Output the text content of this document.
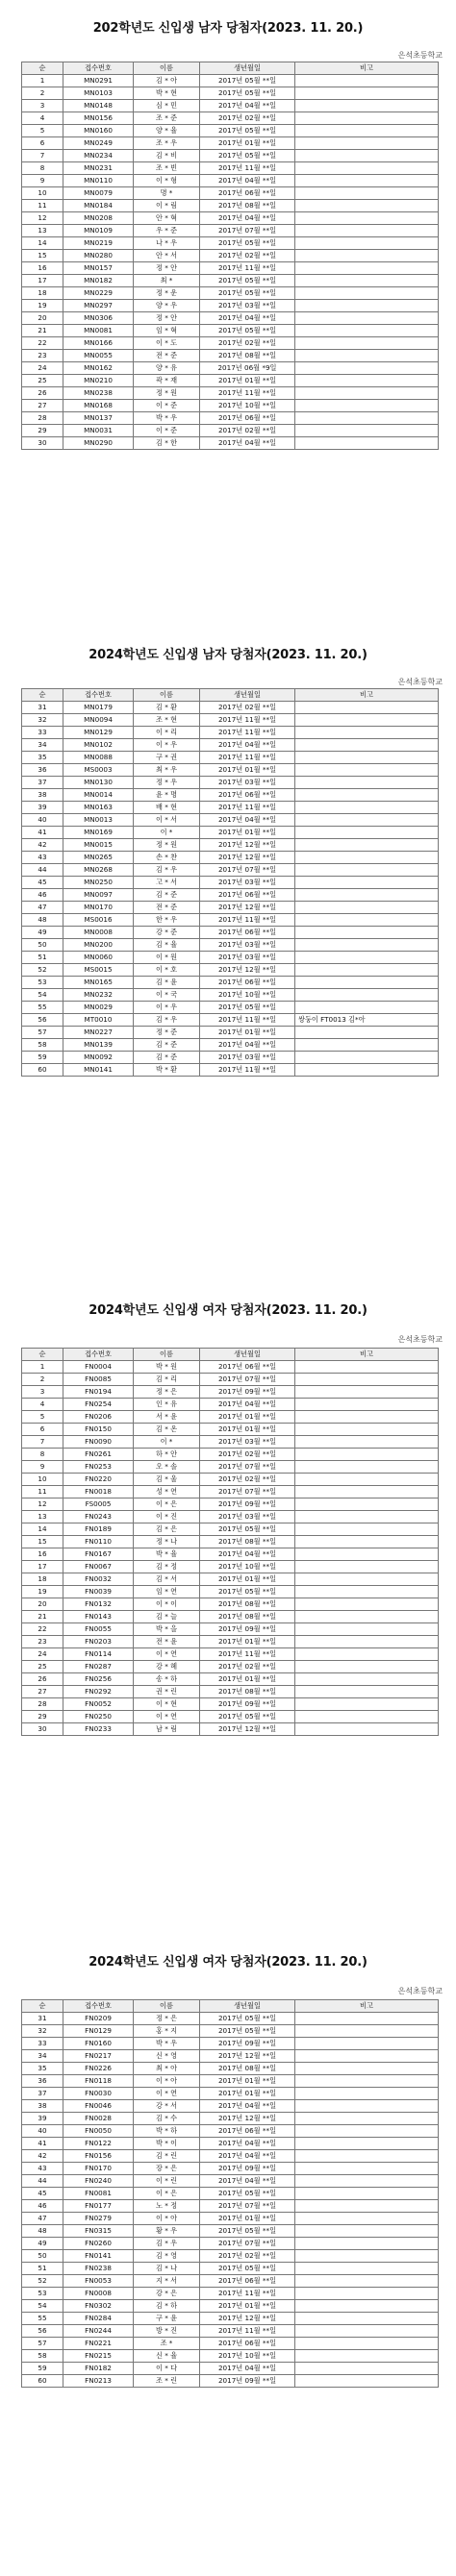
202학년도 신입생 남자 당첨자(2023. 11. 20.)
은석초등학교
순	접수번호	이름	생년월일	비고
1	MN0291	김 * 아	2017년 05월 **일	
2	MN0103	박 * 현	2017년 05월 **일	
3	MN0148	심 * 민	2017년 04월 **일	
4	MN0156	조 * 준	2017년 02월 **일	
5	MN0160	양 * 율	2017년 05월 **일	
6	MN0249	조 * 우	2017년 01월 **일	
7	MN0234	김 * 비	2017년 05월 **일	
8	MN0231	조 * 빈	2017년 11월 **일	
9	MN0110	이 * 형	2017년 04월 **일	
10	MN0079	명 *	2017년 06월 **일	
11	MN0184	이 * 림	2017년 08월 **일	
12	MN0208	안 * 혁	2017년 04월 **일	
13	MN0109	우 * 준	2017년 07월 **일	
14	MN0219	나 * 우	2017년 05월 **일	
15	MN0280	안 * 서	2017년 02월 **일	
16	MN0157	정 * 안	2017년 11월 **일	
17	MN0182	최 *	2017년 05월 **일	
18	MN0229	정 * 운	2017년 05월 **일	
19	MN0297	양 * 우	2017년 03월 **일	
20	MN0306	정 * 안	2017년 04월 **일	
21	MN0081	임 * 혁	2017년 05월 **일	
22	MN0166	이 * 도	2017년 02월 **일	
23	MN0055	전 * 준	2017년 08월 **일	
24	MN0162	양 * 유	2017년 06월 *9일	
25	MN0210	곽 * 재	2017년 01월 **일	
26	MN0238	정 * 원	2017년 11월 **일	
27	MN0168	이 * 준	2017년 10월 **일	
28	MN0137	박 * 우	2017년 06월 **일	
29	MN0031	이 * 준	2017년 02월 **일	
30	MN0290	김 * 한	2017년 04월 **일	
2024학년도 신입생 남자 당첨자(2023. 11. 20.)
은석초등학교
순	접수번호	이름	생년월일	비고
31	MN0179	김 * 환	2017년 02월 **일	
32	MN0094	조 * 현	2017년 11월 **일	
33	MN0129	이 * 리	2017년 11월 **일	
34	MN0102	이 * 우	2017년 04월 **일	
35	MN0088	구 * 권	2017년 11월 **일	
36	MS0003	최 * 우	2017년 01월 **일	
37	MN0130	정 * 우	2017년 03월 **일	
38	MN0014	윤 * 명	2017년 06월 **일	
39	MN0163	배 * 현	2017년 11월 **일	
40	MN0013	이 * 서	2017년 04월 **일	
41	MN0169	이 *	2017년 01월 **일	
42	MN0015	정 * 원	2017년 12월 **일	
43	MN0265	손 * 찬	2017년 12월 **일	
44	MN0268	김 * 우	2017년 07월 **일	
45	MN0250	고 * 서	2017년 03월 **일	
46	MN0097	김 * 준	2017년 06월 **일	
47	MN0170	전 * 준	2017년 12월 **일	
48	MS0016	한 * 우	2017년 11월 **일	
49	MN0008	강 * 준	2017년 06월 **일	
50	MN0200	김 * 율	2017년 03월 **일	
51	MN0060	이 * 원	2017년 03월 **일	
52	MS0015	이 * 호	2017년 12월 **일	
53	MN0165	김 * 윤	2017년 06월 **일	
54	MN0232	이 * 국	2017년 10월 **일	
55	MN0029	이 * 우	2017년 05월 **일	
56	MT0010	김 * 우	2017년 11월 **일	쌍둥이 FT0013 김*아
57	MN0227	정 * 준	2017년 01월 **일	
58	MN0139	김 * 준	2017년 04월 **일	
59	MN0092	김 * 준	2017년 03월 **일	
60	MN0141	박 * 환	2017년 11월 **일	
2024학년도 신입생 여자 당첨자(2023. 11. 20.)
은석초등학교
순	접수번호	이름	생년월일	비고
1	FN0004	박 * 원	2017년 06월 **일	
2	FN0085	김 * 리	2017년 07월 **일	
3	FN0194	정 * 은	2017년 09월 **일	
4	FN0254	인 * 유	2017년 04월 **일	
5	FN0206	서 * 윤	2017년 01월 **일	
6	FN0150	김 * 온	2017년 01월 **일	
7	FN0090	이 *	2017년 03월 **일	
8	FN0261	하 * 안	2017년 02월 **일	
9	FN0253	오 * 솔	2017년 07월 **일	
10	FN0220	김 * 울	2017년 02월 **일	
11	FN0018	성 * 연	2017년 07월 **일	
12	FS0005	이 * 은	2017년 09월 **일	
13	FN0243	이 * 진	2017년 03월 **일	
14	FN0189	김 * 은	2017년 05월 **일	
15	FN0110	정 * 나	2017년 08월 **일	
16	FN0167	박 * 율	2017년 04월 **일	
17	FN0067	김 * 정	2017년 10월 **일	
18	FN0032	김 * 서	2017년 01월 **일	
19	FN0039	임 * 연	2017년 05월 **일	
20	FN0132	이 * 이	2017년 08월 **일	
21	FN0143	김 * 늘	2017년 08월 **일	
22	FN0055	박 * 을	2017년 09월 **일	
23	FN0203	전 * 윤	2017년 01월 **일	
24	FN0114	이 * 연	2017년 11월 **일	
25	FN0287	강 * 혜	2017년 02월 **일	
26	FN0256	송 * 하	2017년 01월 **일	
27	FN0292	권 * 린	2017년 08월 **일	
28	FN0052	이 * 현	2017년 09월 **일	
29	FN0250	이 * 연	2017년 05월 **일	
30	FN0233	남 * 림	2017년 12월 **일	
2024학년도 신입생 여자 당첨자(2023. 11. 20.)
은석초등학교
순	접수번호	이름	생년월일	비고
31	FN0209	정 * 은	2017년 05월 **일	
32	FN0129	홍 * 지	2017년 05월 **일	
33	FN0160	박 * 우	2017년 09월 **일	
34	FN0217	신 * 영	2017년 12월 **일	
35	FN0226	최 * 아	2017년 08월 **일	
36	FN0118	이 * 아	2017년 01월 **일	
37	FN0030	이 * 연	2017년 01월 **일	
38	FN0046	강 * 서	2017년 04월 **일	
39	FN0028	김 * 수	2017년 12월 **일	
40	FN0050	박 * 하	2017년 06월 **일	
41	FN0122	박 * 이	2017년 04월 **일	
42	FN0156	김 * 린	2017년 04월 **일	
43	FN0170	장 * 은	2017년 09월 **일	
44	FN0240	이 * 린	2017년 04월 **일	
45	FN0081	이 * 은	2017년 05월 **일	
46	FN0177	노 * 정	2017년 07월 **일	
47	FN0279	이 * 아	2017년 01월 **일	
48	FN0315	황 * 우	2017년 05월 **일	
49	FN0260	김 * 우	2017년 07월 **일	
50	FN0141	김 * 영	2017년 02월 **일	
51	FN0238	김 * 나	2017년 05월 **일	
52	FN0053	지 * 서	2017년 06월 **일	
53	FN0008	강 * 은	2017년 11월 **일	
54	FN0302	김 * 하	2017년 01월 **일	
55	FN0284	구 * 윤	2017년 12월 **일	
56	FN0244	방 * 진	2017년 11월 **일	
57	FN0221	조 *	2017년 06월 **일	
58	FN0215	신 * 율	2017년 10월 **일	
59	FN0182	이 * 다	2017년 04월 **일	
60	FN0213	조 * 린	2017년 09월 **일	
